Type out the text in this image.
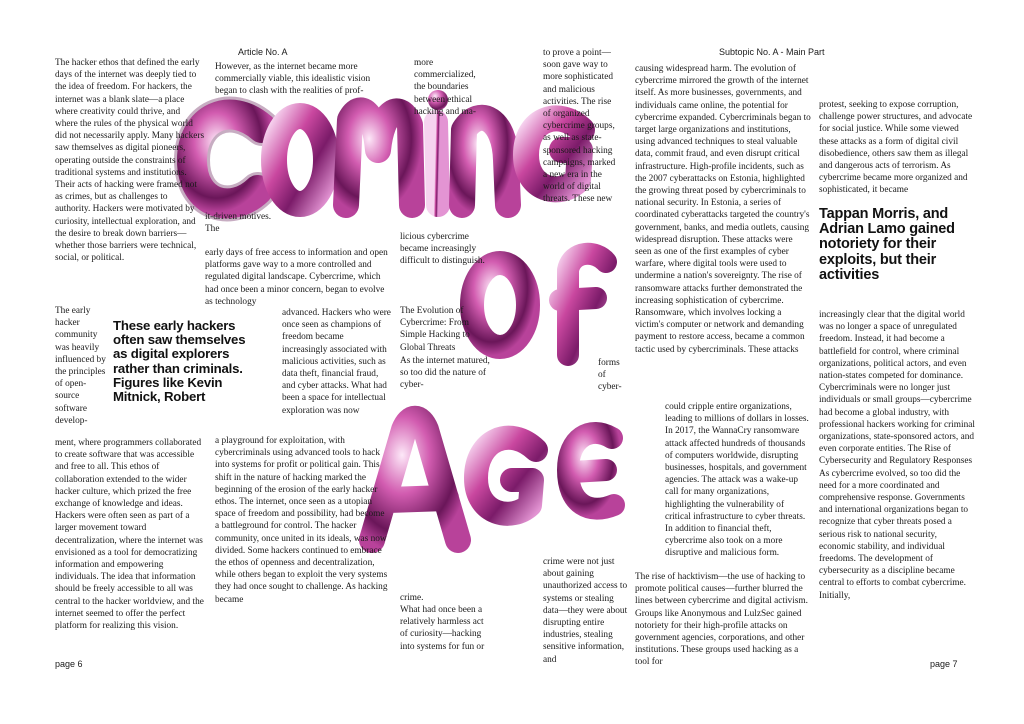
Article No. A	Subtopic No. A - Main Part

page 6	page 7

The hacker ethos that defined the early days of the internet was deeply tied to the idea of freedom. For hackers, the internet was a blank slate—a place where creativity could thrive, and where the rules of the physical world did not necessarily apply. Many hackers saw themselves as digital pioneers, operating outside the constraints of traditional systems and institutions. Their acts of hacking were framed not as crimes, but as challenges to authority. Hackers were motivated by curiosity, intellectual exploration, and the desire to break down barriers—whether those barriers were technical, social, or political.

The early hacker community was heavily influenced by the principles of open-source software develop-

ment, where programmers collaborated to create software that was accessible and free to all. This ethos of collaboration extended to the wider hacker culture, which prized the free exchange of knowledge and ideas. Hackers were often seen as part of a larger movement toward decentralization, where the internet was envisioned as a tool for democratizing information and empowering individuals. The idea that information should be freely accessible to all was central to the hacker worldview, and the internet seemed to offer the perfect platform for realizing this vision.

These early hackers often saw themselves as digital explorers rather than criminals. Figures like Kevin Mitnick, Robert

However, as the internet became more commercially viable, this idealistic vision began to clash with the realities of prof-

it-driven motives. The

early days of free access to information and open platforms gave way to a more controlled and regulated digital landscape. Cybercrime, which had once been a minor concern, began to evolve as technology

advanced. Hackers who were once seen as champions of freedom became increasingly associated with malicious activities, such as data theft, financial fraud, and cyber attacks. What had been a space for intellectual exploration was now

a playground for exploitation, with cybercriminals using advanced tools to hack into systems for profit or political gain. This shift in the nature of hacking marked the beginning of the erosion of the early hacker ethos. The internet, once seen as a utopian space of freedom and possibility, had become a battleground for control. The hacker community, once united in its ideals, was now divided. Some hackers continued to embrace the ethos of openness and decentralization, while others began to exploit the very systems they had once sought to challenge. As hacking became

more commercialized, the boundaries between ethical hacking and ma-

licious cybercrime became increasingly difficult to distinguish.

The Evolution of Cybercrime: From Simple Hacking to Global Threats

As the internet matured, so too did the nature of cyber-

forms of cyber-

crime.

What had once been a relatively harmless act of curiosity—hacking into systems for fun or

to prove a point—soon gave way to more sophisticated and malicious activities. The rise of organized cybercrime groups, as well as state-sponsored hacking campaigns, marked a new era in the world of digital threats. These new

crime were not just about gaining unauthorized access to systems or stealing data—they were about disrupting entire industries, stealing sensitive information, and

causing widespread harm. The evolution of cybercrime mirrored the growth of the internet itself. As more businesses, governments, and individuals came online, the potential for cybercrime expanded. Cybercriminals began to target large organizations and institutions, using advanced techniques to steal valuable data, commit fraud, and even disrupt critical infrastructure. High-profile incidents, such as the 2007 cyberattacks on Estonia, highlighted the growing threat posed by cybercriminals to national security. In Estonia, a series of coordinated cyberattacks targeted the country's government, banks, and media outlets, causing widespread disruption. These attacks were seen as one of the first examples of cyber warfare, where digital tools were used to undermine a nation's sovereignty. The rise of ransomware attacks further demonstrated the increasing sophistication of cybercrime. Ransomware, which involves locking a victim's computer or network and demanding payment to restore access, became a common tactic used by cybercriminals. These attacks

could cripple entire organizations, leading to millions of dollars in losses. In 2017, the WannaCry ransomware attack affected hundreds of thousands of computers worldwide, disrupting businesses, hospitals, and government agencies. The attack was a wake-up call for many organizations, highlighting the vulnerability of critical infrastructure to cyber threats. In addition to financial theft, cybercrime also took on a more disruptive and malicious form.

The rise of hacktivism—the use of hacking to promote political causes—further blurred the lines between cybercrime and digital activism. Groups like Anonymous and LulzSec gained notoriety for their high-profile attacks on government agencies, corporations, and other institutions. These groups used hacking as a tool for

protest, seeking to expose corruption, challenge power structures, and advocate for social justice. While some viewed these attacks as a form of digital civil disobedience, others saw them as illegal and dangerous acts of terrorism. As cybercrime became more organized and sophisticated, it became

Tappan Morris, and Adrian Lamo gained notoriety for their exploits, but their activities

increasingly clear that the digital world was no longer a space of unregulated freedom. Instead, it had become a battlefield for control, where criminal organizations, political actors, and even nation-states competed for dominance. Cybercriminals were no longer just individuals or small groups—cybercrime had become a global industry, with professional hackers working for criminal organizations, state-sponsored actors, and even corporate entities. The Rise of Cybersecurity and Regulatory Responses As cybercrime evolved, so too did the need for a more coordinated and comprehensive response. Governments and international organizations began to recognize that cyber threats posed a serious risk to national security, economic stability, and individual freedoms. The development of cybersecurity as a discipline became central to efforts to combat cybercrime. Initially,
